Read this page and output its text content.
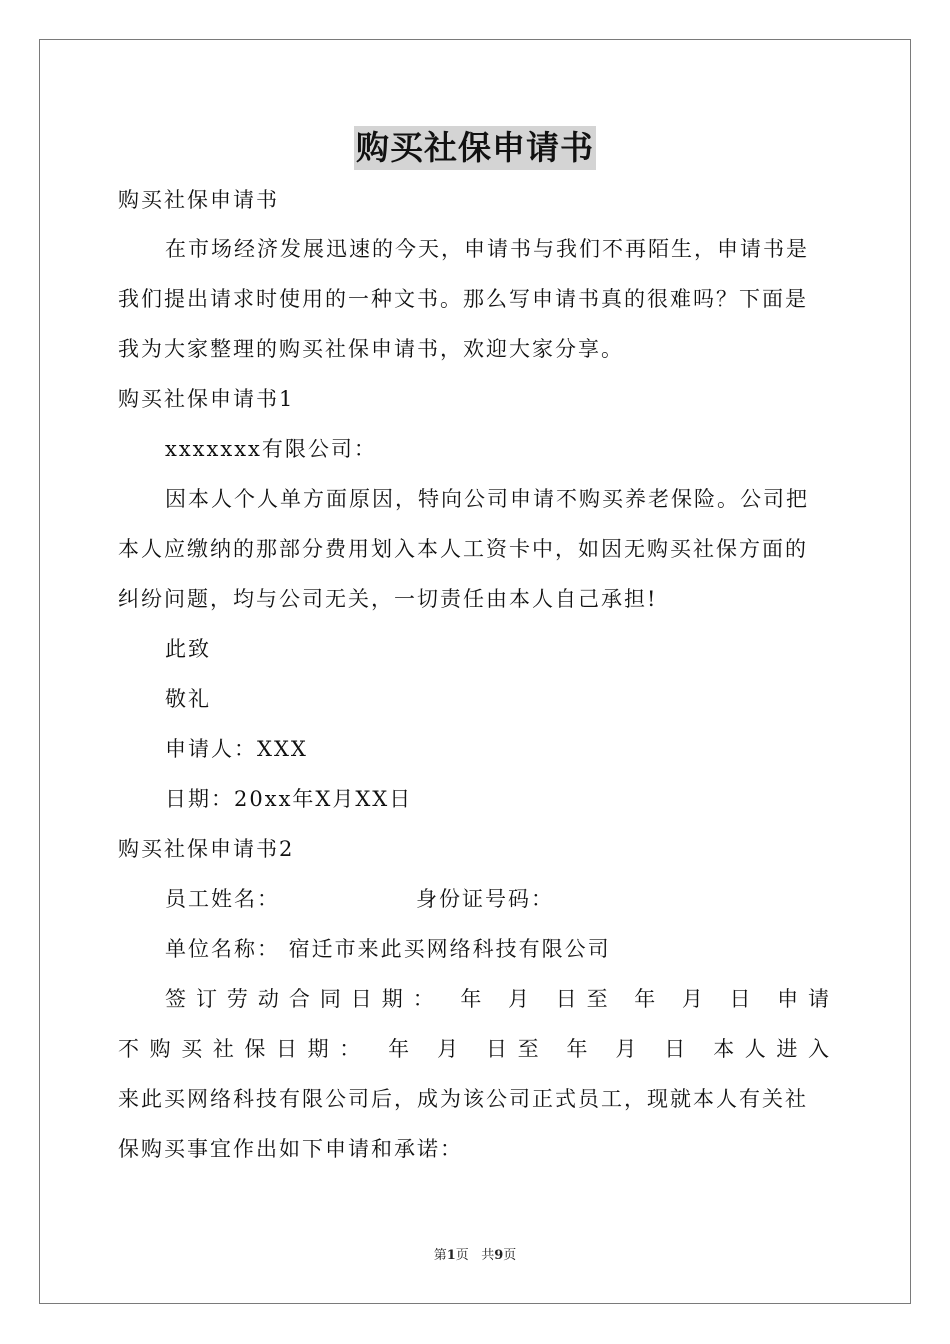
购买社保申请书
购买社保申请书
在市场经济发展迅速的今天，申请书与我们不再陌生，申请书是
我们提出请求时使用的一种文书。那么写申请书真的很难吗？下面是
我为大家整理的购买社保申请书，欢迎大家分享。
购买社保申请书1
xxxxxxx有限公司：
因本人个人单方面原因，特向公司申请不购买养老保险。公司把
本人应缴纳的那部分费用划入本人工资卡中，如因无购买社保方面的
纠纷问题，均与公司无关，一切责任由本人自己承担!
此致
敬礼
申请人：XXX
日期：20xx年X月XX日
购买社保申请书2
员工姓名：	身份证号码：
单位名称： 宿迁市来此买网络科技有限公司
签订劳动合同日期： 年 月 日至 年 月 日 申请
不购买社保日期： 年 月 日至 年 月 日 本人进入
来此买网络科技有限公司后，成为该公司正式员工，现就本人有关社
保购买事宜作出如下申请和承诺：
第1页   共9页
